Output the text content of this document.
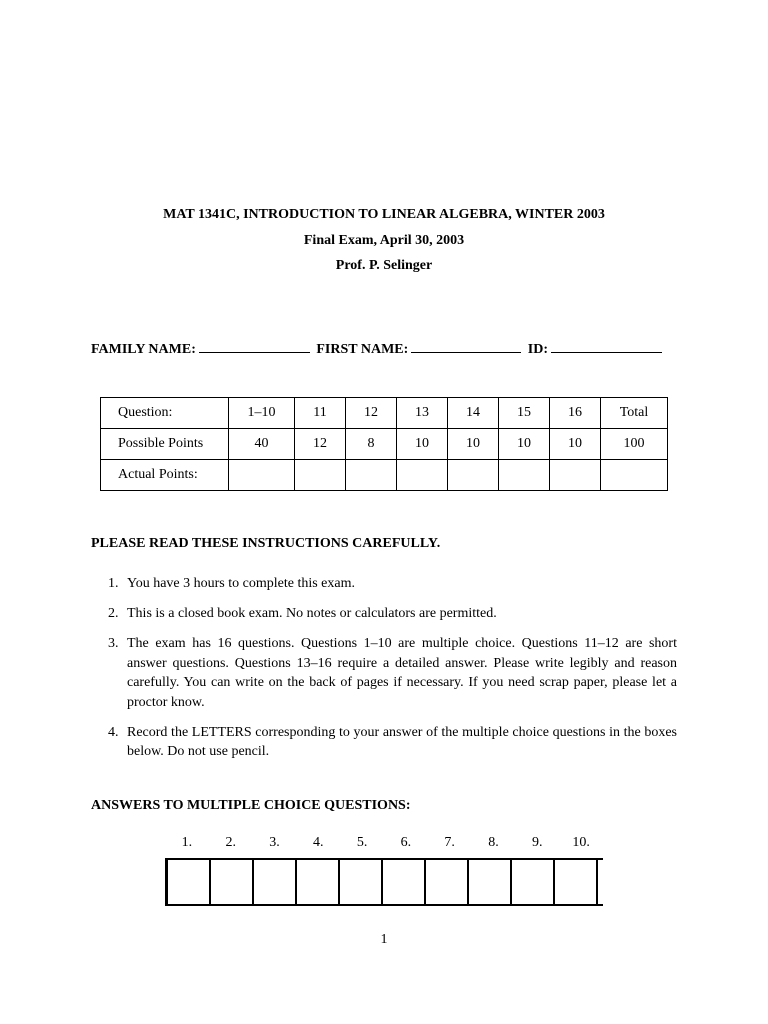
MAT 1341C, INTRODUCTION TO LINEAR ALGEBRA, WINTER 2003
Final Exam, April 30, 2003
Prof. P. Selinger
FAMILY NAME:	FIRST NAME:	ID:
Question:	1–10	11	12	13	14	15	16	Total
Possible Points	40	12	8	10	10	10	10	100
Actual Points:								
PLEASE READ THESE INSTRUCTIONS CAREFULLY.
1. You have 3 hours to complete this exam.
2. This is a closed book exam. No notes or calculators are permitted.
3. The exam has 16 questions. Questions 1–10 are multiple choice. Questions 11–12 are short answer questions. Questions 13–16 require a detailed answer. Please write legibly and reason carefully. You can write on the back of pages if necessary. If you need scrap paper, please let a proctor know.
4. Record the LETTERS corresponding to your answer of the multiple choice questions in the boxes below. Do not use pencil.
ANSWERS TO MULTIPLE CHOICE QUESTIONS:
1.	2.	3.	4.	5.	6.	7.	8.	9.	10.
1
